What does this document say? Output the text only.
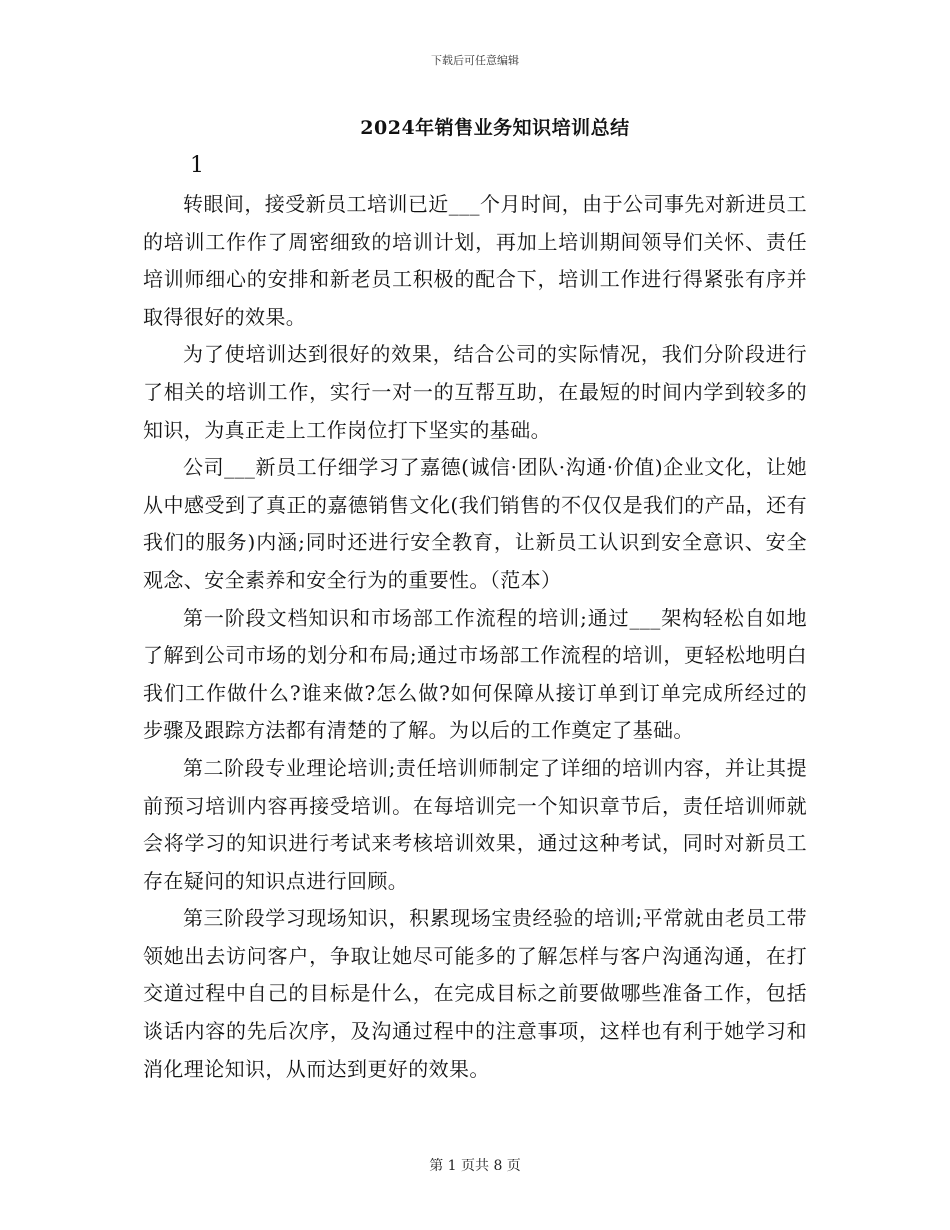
下载后可任意编辑
2024年销售业务知识培训总结
1

转眼间，接受新员工培训已近___个月时间，由于公司事先对新进员工的培训工作作了周密细致的培训计划，再加上培训期间领导们关怀、责任培训师细心的安排和新老员工积极的配合下，培训工作进行得紧张有序并取得很好的效果。

为了使培训达到很好的效果，结合公司的实际情况，我们分阶段进行了相关的培训工作，实行一对一的互帮互助，在最短的时间内学到较多的知识，为真正走上工作岗位打下坚实的基础。

公司___新员工仔细学习了嘉德(诚信·团队·沟通·价值)企业文化，让她从中感受到了真正的嘉德销售文化(我们销售的不仅仅是我们的产品，还有我们的服务)内涵;同时还进行安全教育，让新员工认识到安全意识、安全观念、安全素养和安全行为的重要性。（范本）

第一阶段文档知识和市场部工作流程的培训;通过___架构轻松自如地了解到公司市场的划分和布局;通过市场部工作流程的培训，更轻松地明白我们工作做什么?谁来做?怎么做?如何保障从接订单到订单完成所经过的步骤及跟踪方法都有清楚的了解。为以后的工作奠定了基础。

第二阶段专业理论培训;责任培训师制定了详细的培训内容，并让其提前预习培训内容再接受培训。在每培训完一个知识章节后，责任培训师就会将学习的知识进行考试来考核培训效果，通过这种考试，同时对新员工存在疑问的知识点进行回顾。

第三阶段学习现场知识，积累现场宝贵经验的培训;平常就由老员工带领她出去访问客户，争取让她尽可能多的了解怎样与客户沟通沟通，在打交道过程中自己的目标是什么，在完成目标之前要做哪些准备工作，包括谈话内容的先后次序，及沟通过程中的注意事项，这样也有利于她学习和消化理论知识，从而达到更好的效果。

第 1 页共 8 页
